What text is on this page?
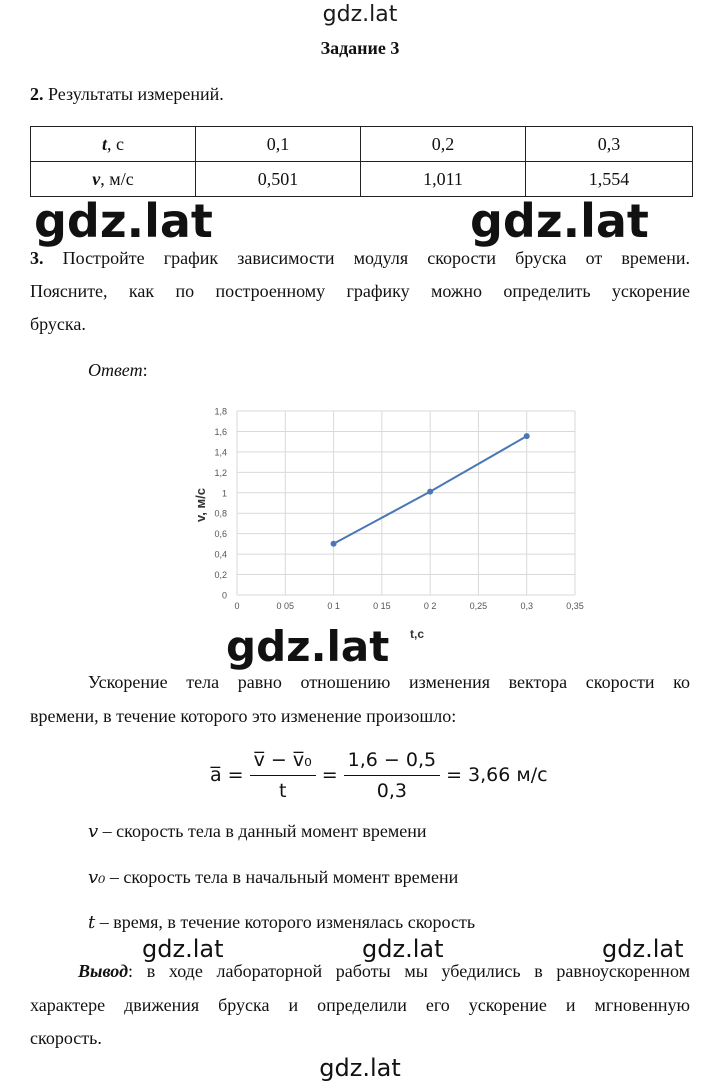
gdz.lat
Задание 3
2. Результаты измерений.
t, с	0,1	0,2	0,3
v, м/с	0,501	1,011	1,554
gdz.lat	gdz.lat
3. Постройте график зависимости модуля скорости бруска от времени.
Поясните, как по построенному графику можно определить ускорение
бруска.
Ответ:
0
0,2
0,4
0,6
0,8
1
1,2
1,4
1,6
1,8
0	0 05	0 1	0 15	0 2	0,25	0,3	0,35
v, м/с
t,c
gdz.lat
Ускорение тела равно отношению изменения вектора скорости ко
времени, в течение которого это изменение произошло:
a̅ = $\frac{\text{v̅ − v̅₀}}{t} = \frac{1,6 - 0,5}{0,3} = 3,66$ м/с
v – скорость тела в данный момент времени
v₀ – скорость тела в начальный момент времени
t – время, в течение которого изменялась скорость
gdz.lat	gdz.lat	gdz.lat
Вывод: в ходе лабораторной работы мы убедились в равноускоренном
характере движения бруска и определили его ускорение и мгновенную
скорость.
gdz.lat
